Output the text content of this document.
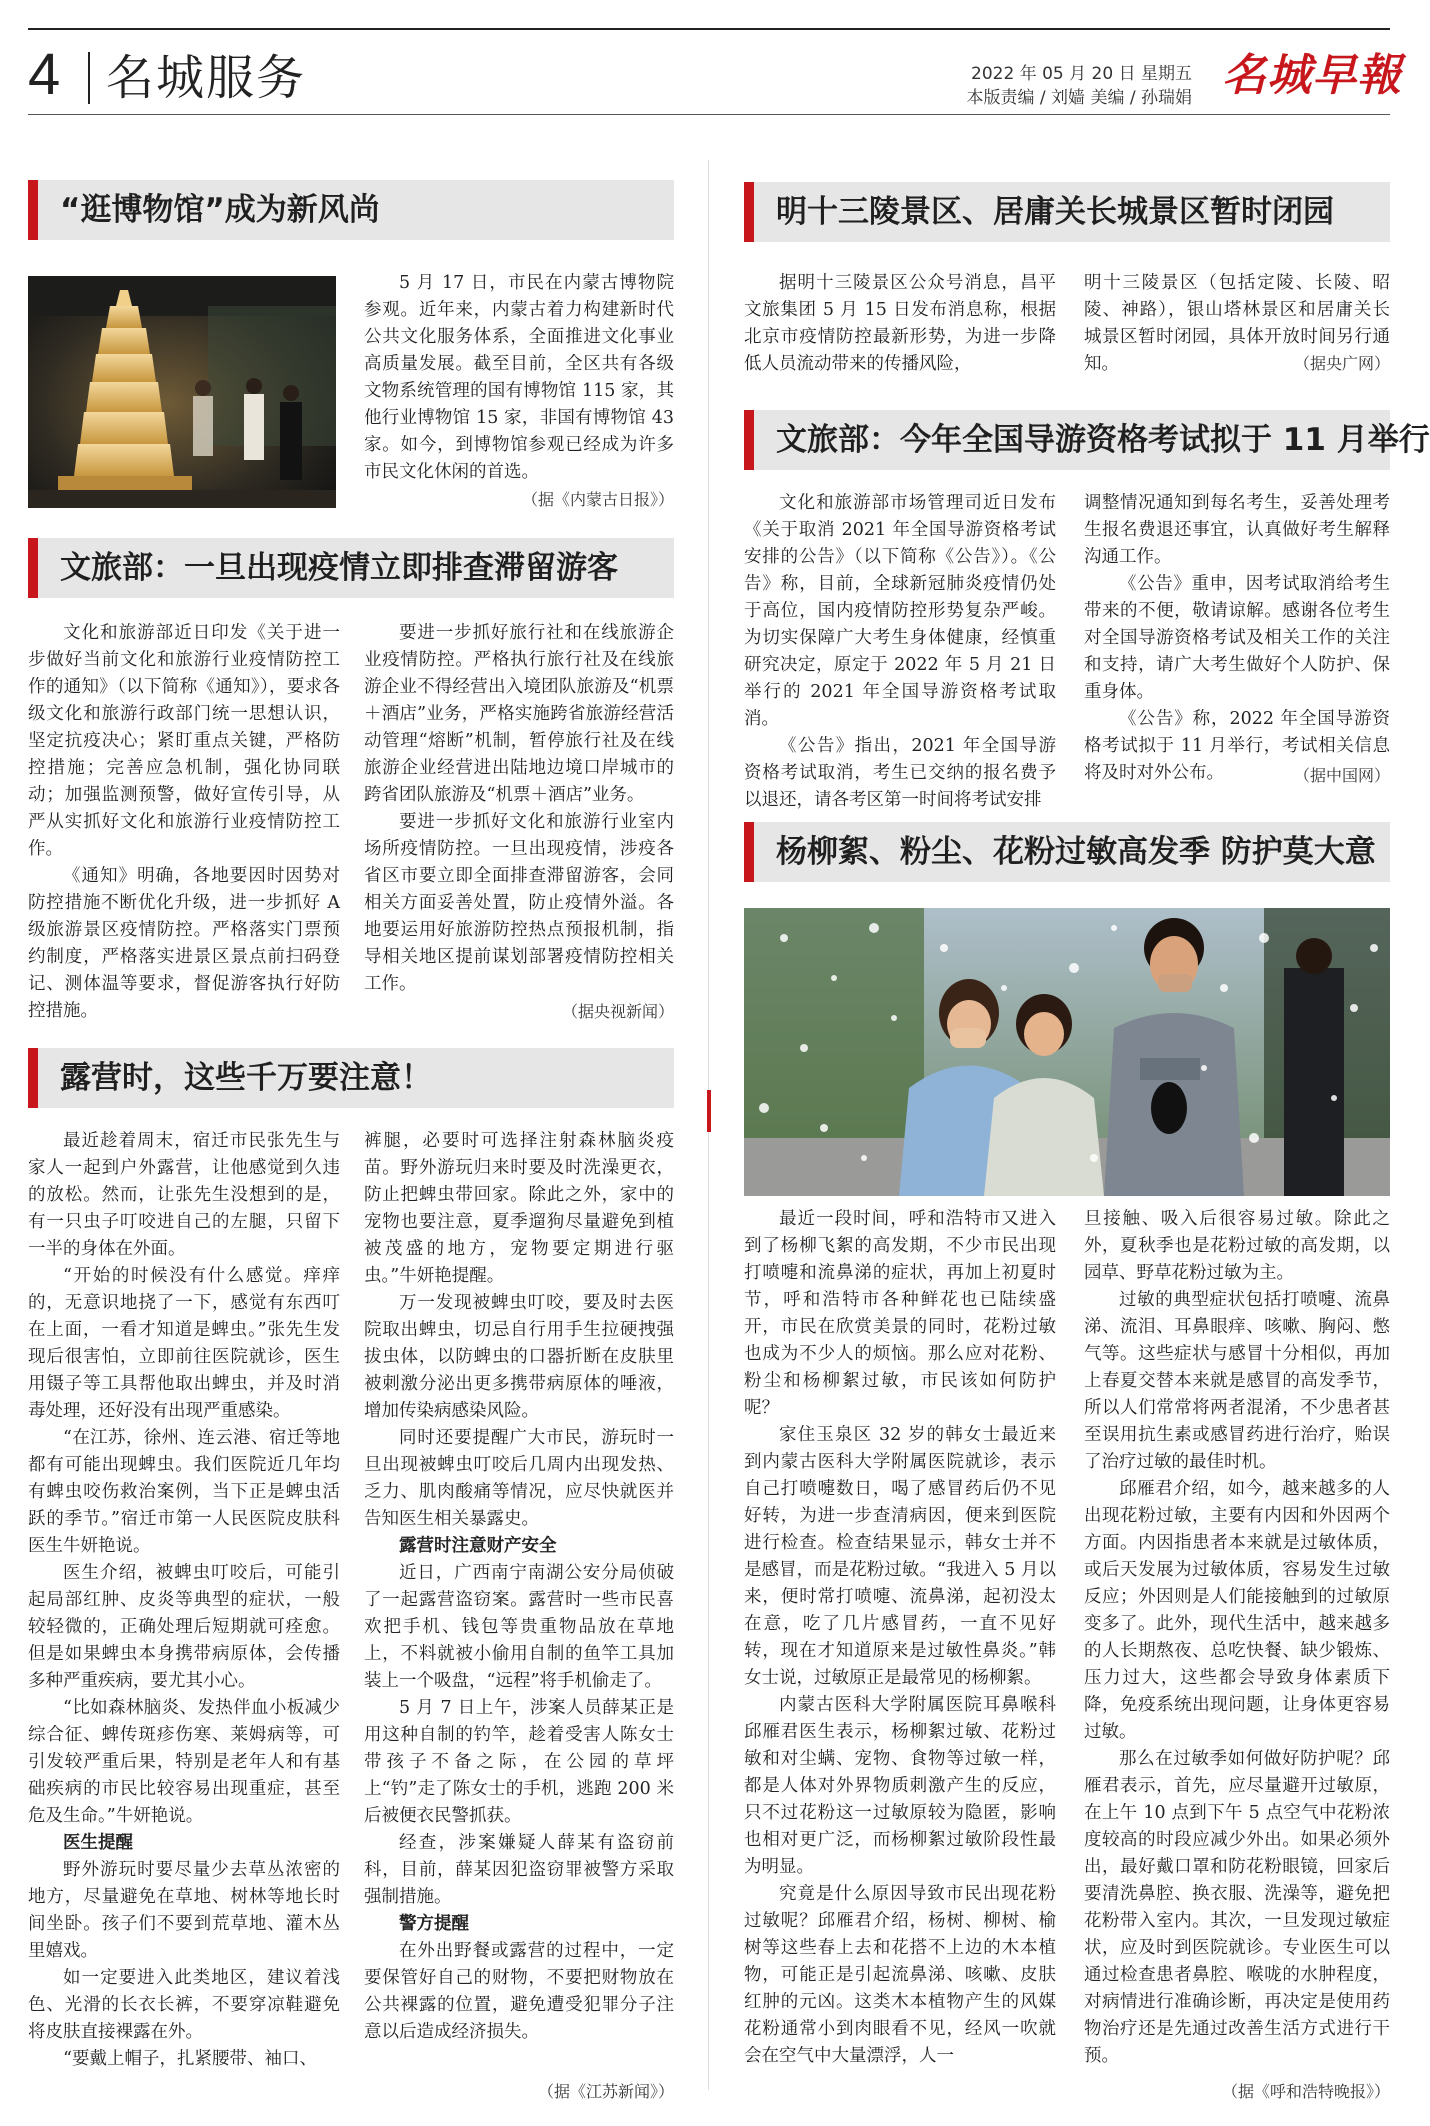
4 名城服务	2022 年 05 月 20 日 星期五
本版责编 / 刘嫱 美编 / 孙瑞娟 名城早報
“逛博物馆”成为新风尚

5 月 17 日，市民在内蒙古博物院参观。近年来，内蒙古着力构建新时代公共文化服务体系，全面推进文化事业高质量发展。截至目前，全区共有各级文物系统管理的国有博物馆 115 家，其他行业博物馆 15 家，非国有博物馆 43 家。如今，到博物馆参观已经成为许多市民文化休闲的首选。

（据《内蒙古日报》）
文旅部：一旦出现疫情立即排查滞留游客

文化和旅游部近日印发《关于进一步做好当前文化和旅游行业疫情防控工作的通知》（以下简称《通知》），要求各级文化和旅游行政部门统一思想认识，坚定抗疫决心；紧盯重点关键，严格防控措施；完善应急机制，强化协同联动；加强监测预警，做好宣传引导，从严从实抓好文化和旅游行业疫情防控工作。

《通知》明确，各地要因时因势对防控措施不断优化升级，进一步抓好 A 级旅游景区疫情防控。严格落实门票预约制度，严格落实进景区景点前扫码登记、测体温等要求，督促游客执行好防控措施。

要进一步抓好旅行社和在线旅游企业疫情防控。严格执行旅行社及在线旅游企业不得经营出入境团队旅游及“机票＋酒店”业务，严格实施跨省旅游经营活动管理“熔断”机制，暂停旅行社及在线旅游企业经营进出陆地边境口岸城市的跨省团队旅游及“机票＋酒店”业务。

要进一步抓好文化和旅游行业室内场所疫情防控。一旦出现疫情，涉疫各省区市要立即全面排查滞留游客，会同相关方面妥善处置，防止疫情外溢。各地要运用好旅游防控热点预报机制，指导相关地区提前谋划部署疫情防控相关工作。

（据央视新闻）
露营时，这些千万要注意！

最近趁着周末，宿迁市民张先生与家人一起到户外露营，让他感觉到久违的放松。然而，让张先生没想到的是，有一只虫子叮咬进自己的左腿，只留下一半的身体在外面。

“开始的时候没有什么感觉。痒痒的，无意识地挠了一下，感觉有东西叮在上面，一看才知道是蜱虫。”张先生发现后很害怕，立即前往医院就诊，医生用镊子等工具帮他取出蜱虫，并及时消毒处理，还好没有出现严重感染。

“在江苏，徐州、连云港、宿迁等地都有可能出现蜱虫。我们医院近几年均有蜱虫咬伤救治案例，当下正是蜱虫活跃的季节。”宿迁市第一人民医院皮肤科医生牛妍艳说。

医生介绍，被蜱虫叮咬后，可能引起局部红肿、皮炎等典型的症状，一般较轻微的，正确处理后短期就可痊愈。但是如果蜱虫本身携带病原体，会传播多种严重疾病，要尤其小心。

“比如森林脑炎、发热伴血小板减少综合征、蜱传斑疹伤寒、莱姆病等，可引发较严重后果，特别是老年人和有基础疾病的市民比较容易出现重症，甚至危及生命。”牛妍艳说。

医生提醒

野外游玩时要尽量少去草丛浓密的地方，尽量避免在草地、树林等地长时间坐卧。孩子们不要到荒草地、灌木丛里嬉戏。

如一定要进入此类地区，建议着浅色、光滑的长衣长裤，不要穿凉鞋避免将皮肤直接裸露在外。

“要戴上帽子，扎紧腰带、袖口、

裤腿，必要时可选择注射森林脑炎疫苗。野外游玩归来时要及时洗澡更衣，防止把蜱虫带回家。除此之外，家中的宠物也要注意，夏季遛狗尽量避免到植被茂盛的地方，宠物要定期进行驱虫。”牛妍艳提醒。

万一发现被蜱虫叮咬，要及时去医院取出蜱虫，切忌自行用手生拉硬拽强拔虫体，以防蜱虫的口器折断在皮肤里被刺激分泌出更多携带病原体的唾液，增加传染病感染风险。

同时还要提醒广大市民，游玩时一旦出现被蜱虫叮咬后几周内出现发热、乏力、肌肉酸痛等情况，应尽快就医并告知医生相关暴露史。

露营时注意财产安全

近日，广西南宁南湖公安分局侦破了一起露营盗窃案。露营时一些市民喜欢把手机、钱包等贵重物品放在草地上，不料就被小偷用自制的鱼竿工具加装上一个吸盘，“远程”将手机偷走了。

5 月 7 日上午，涉案人员薛某正是用这种自制的钓竿，趁着受害人陈女士带孩子不备之际，在公园的草坪上“钓”走了陈女士的手机，逃跑 200 米后被便衣民警抓获。

经查，涉案嫌疑人薛某有盗窃前科，目前，薛某因犯盗窃罪被警方采取强制措施。

警方提醒

在外出野餐或露营的过程中，一定要保管好自己的财物，不要把财物放在公共裸露的位置，避免遭受犯罪分子注意以后造成经济损失。

（据《江苏新闻》）
明十三陵景区、居庸关长城景区暂时闭园

据明十三陵景区公众号消息，昌平文旅集团 5 月 15 日发布消息称，根据北京市疫情防控最新形势，为进一步降低人员流动带来的传播风险，

明十三陵景区（包括定陵、长陵、昭陵、神路），银山塔林景区和居庸关长城景区暂时闭园，具体开放时间另行通知。	（据央广网）
文旅部：今年全国导游资格考试拟于 11 月举行

文化和旅游部市场管理司近日发布《关于取消 2021 年全国导游资格考试安排的公告》（以下简称《公告》）。《公告》称，目前，全球新冠肺炎疫情仍处于高位，国内疫情防控形势复杂严峻。为切实保障广大考生身体健康，经慎重研究决定，原定于 2022 年 5 月 21 日举行的 2021 年全国导游资格考试取消。

《公告》指出，2021 年全国导游资格考试取消，考生已交纳的报名费予以退还，请各考区第一时间将考试安排

调整情况通知到每名考生，妥善处理考生报名费退还事宜，认真做好考生解释沟通工作。

《公告》重申，因考试取消给考生带来的不便，敬请谅解。感谢各位考生对全国导游资格考试及相关工作的关注和支持，请广大考生做好个人防护、保重身体。

《公告》称，2022 年全国导游资格考试拟于 11 月举行，考试相关信息将及时对外公布。	（据中国网）
杨柳絮、粉尘、花粉过敏高发季 防护莫大意

最近一段时间，呼和浩特市又进入到了杨柳飞絮的高发期，不少市民出现打喷嚏和流鼻涕的症状，再加上初夏时节，呼和浩特市各种鲜花也已陆续盛开，市民在欣赏美景的同时，花粉过敏也成为不少人的烦恼。那么应对花粉、粉尘和杨柳絮过敏，市民该如何防护呢？

家住玉泉区 32 岁的韩女士最近来到内蒙古医科大学附属医院就诊，表示自己打喷嚏数日，喝了感冒药后仍不见好转，为进一步查清病因，便来到医院进行检查。检查结果显示，韩女士并不是感冒，而是花粉过敏。“我进入 5 月以来，便时常打喷嚏、流鼻涕，起初没太在意，吃了几片感冒药，一直不见好转，现在才知道原来是过敏性鼻炎。”韩女士说，过敏原正是最常见的杨柳絮。

内蒙古医科大学附属医院耳鼻喉科邱雁君医生表示，杨柳絮过敏、花粉过敏和对尘螨、宠物、食物等过敏一样，都是人体对外界物质刺激产生的反应，只不过花粉这一过敏原较为隐匿，影响也相对更广泛，而杨柳絮过敏阶段性最为明显。

究竟是什么原因导致市民出现花粉过敏呢？邱雁君介绍，杨树、柳树、榆树等这些春上去和花搭不上边的木本植物，可能正是引起流鼻涕、咳嗽、皮肤红肿的元凶。这类木本植物产生的风媒花粉通常小到肉眼看不见，经风一吹就会在空气中大量漂浮，人一

旦接触、吸入后很容易过敏。除此之外，夏秋季也是花粉过敏的高发期，以园草、野草花粉过敏为主。

过敏的典型症状包括打喷嚏、流鼻涕、流泪、耳鼻眼痒、咳嗽、胸闷、憋气等。这些症状与感冒十分相似，再加上春夏交替本来就是感冒的高发季节，所以人们常常将两者混淆，不少患者甚至误用抗生素或感冒药进行治疗，贻误了治疗过敏的最佳时机。

邱雁君介绍，如今，越来越多的人出现花粉过敏，主要有内因和外因两个方面。内因指患者本来就是过敏体质，或后天发展为过敏体质，容易发生过敏反应；外因则是人们能接触到的过敏原变多了。此外，现代生活中，越来越多的人长期熬夜、总吃快餐、缺少锻炼、压力过大，这些都会导致身体素质下降，免疫系统出现问题，让身体更容易过敏。

那么在过敏季如何做好防护呢？邱雁君表示，首先，应尽量避开过敏原，在上午 10 点到下午 5 点空气中花粉浓度较高的时段应减少外出。如果必须外出，最好戴口罩和防花粉眼镜，回家后要清洗鼻腔、换衣服、洗澡等，避免把花粉带入室内。其次，一旦发现过敏症状，应及时到医院就诊。专业医生可以通过检查患者鼻腔、喉咙的水肿程度，对病情进行准确诊断，再决定是使用药物治疗还是先通过改善生活方式进行干预。

（据《呼和浩特晚报》）
